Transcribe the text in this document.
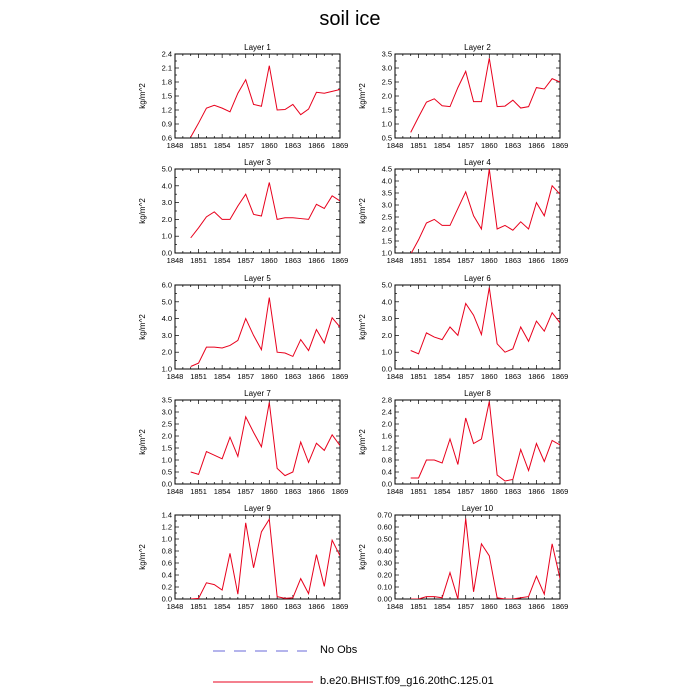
soil ice
Layer 1
kg/m^2
1848 1851 1854 1857 1860 1863 1866 1869
0.6
0.9
1.2
1.5
1.8
2.1
2.4
Layer 2
kg/m^2
1848 1851 1854 1857 1860 1863 1866 1869
0.5
1.0
1.5
2.0
2.5
3.0
3.5
Layer 3
kg/m^2
1848 1851 1854 1857 1860 1863 1866 1869
0.0
1.0
2.0
3.0
4.0
5.0
Layer 4
kg/m^2
1848 1851 1854 1857 1860 1863 1866 1869
1.0
1.5
2.0
2.5
3.0
3.5
4.0
4.5
Layer 5
kg/m^2
1848 1851 1854 1857 1860 1863 1866 1869
1.0
2.0
3.0
4.0
5.0
6.0
Layer 6
kg/m^2
1848 1851 1854 1857 1860 1863 1866 1869
0.0
1.0
2.0
3.0
4.0
5.0
Layer 7
kg/m^2
1848 1851 1854 1857 1860 1863 1866 1869
0.0
0.5
1.0
1.5
2.0
2.5
3.0
3.5
Layer 8
kg/m^2
1848 1851 1854 1857 1860 1863 1866 1869
0.0
0.4
0.8
1.2
1.6
2.0
2.4
2.8
Layer 9
kg/m^2
1848 1851 1854 1857 1860 1863 1866 1869
0.0
0.2
0.4
0.6
0.8
1.0
1.2
1.4
Layer 10
kg/m^2
1848 1851 1854 1857 1860 1863 1866 1869
0.00
0.10
0.20
0.30
0.40
0.50
0.60
0.70
No Obs
b.e20.BHIST.f09_g16.20thC.125.01
